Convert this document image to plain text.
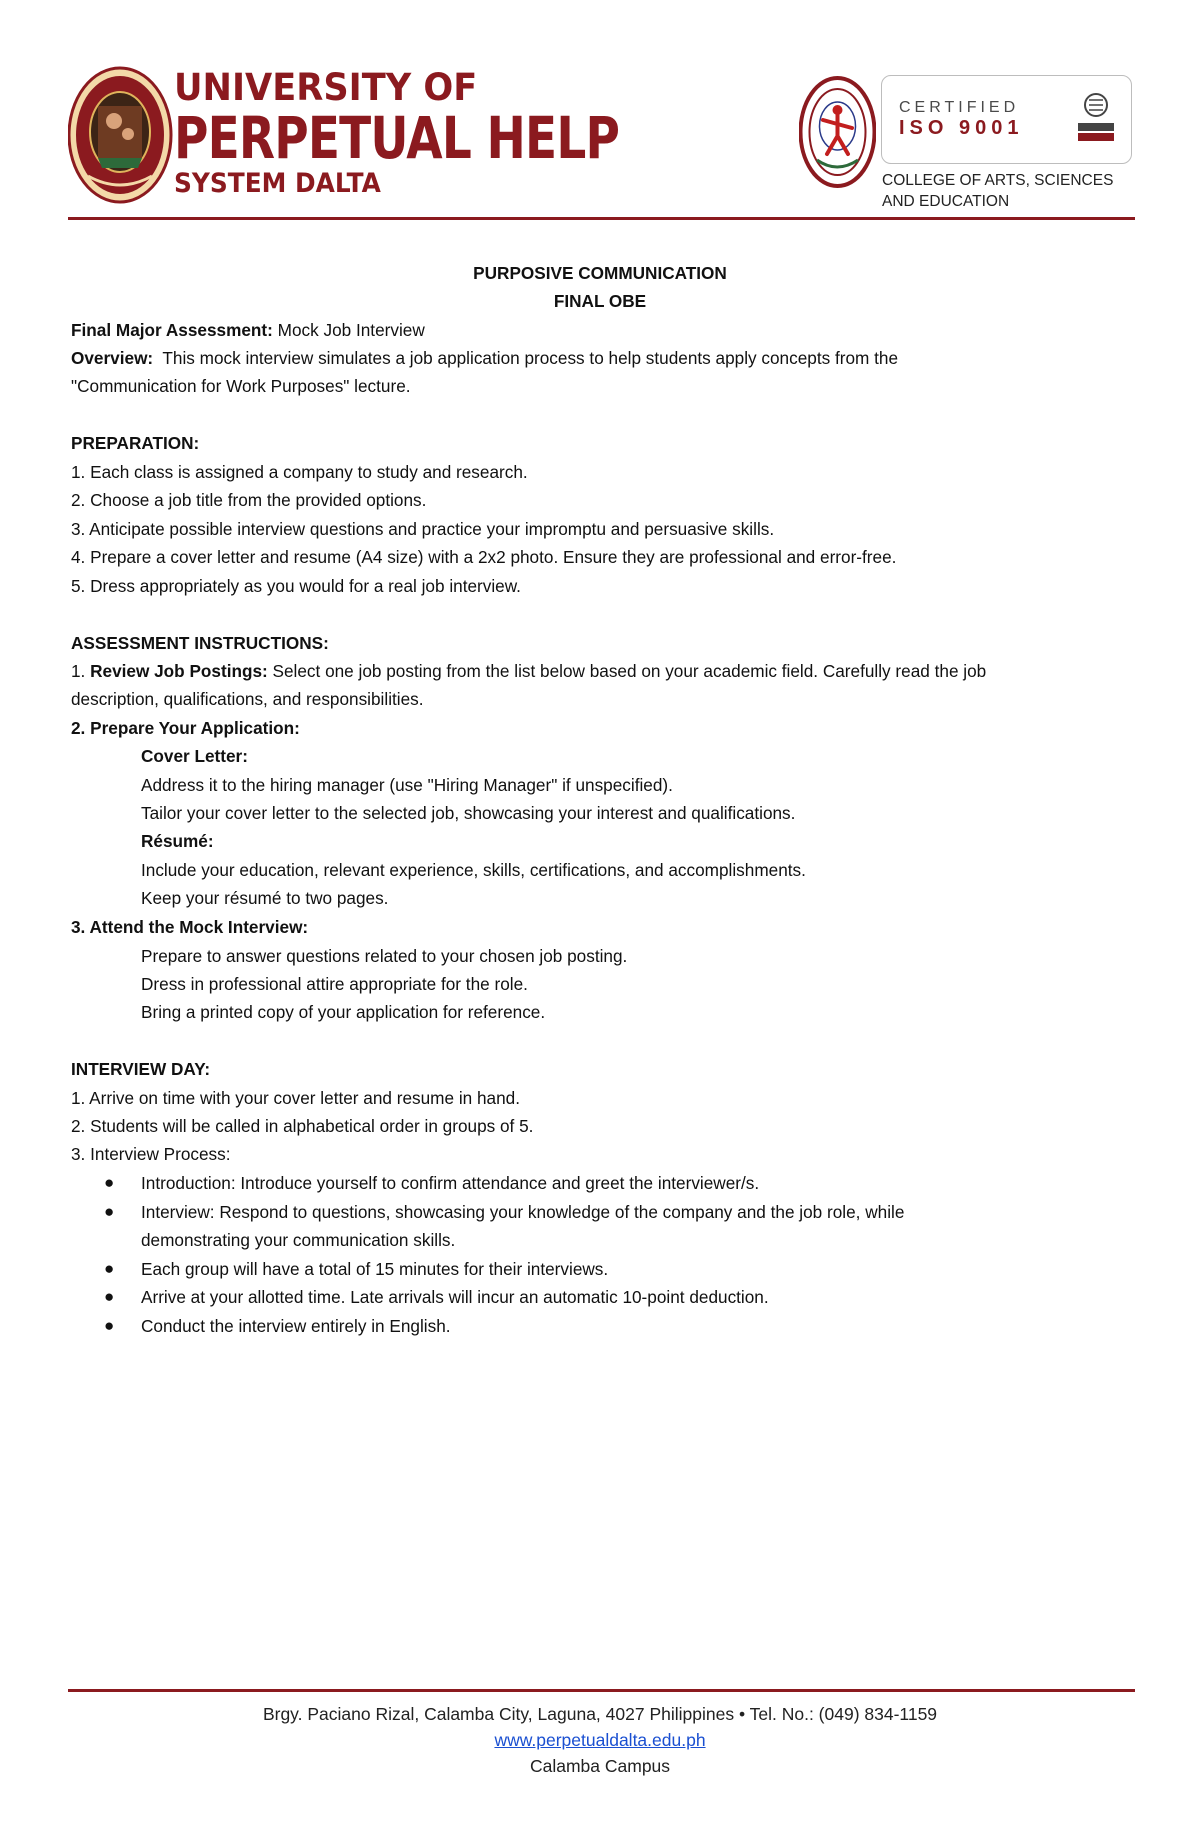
UNIVERSITY OF
PERPETUAL HELP
SYSTEM DALTA
CERTIFIED
ISO 9001
COLLEGE OF ARTS, SCIENCES AND EDUCATION
PURPOSIVE COMMUNICATION
FINAL OBE
Final Major Assessment: Mock Job Interview
Overview:  This mock interview simulates a job application process to help students apply concepts from the
"Communication for Work Purposes" lecture.
PREPARATION:
1. Each class is assigned a company to study and research.
2. Choose a job title from the provided options.
3. Anticipate possible interview questions and practice your impromptu and persuasive skills.
4. Prepare a cover letter and resume (A4 size) with a 2x2 photo. Ensure they are professional and error-free.
5. Dress appropriately as you would for a real job interview.
ASSESSMENT INSTRUCTIONS:
1. Review Job Postings: Select one job posting from the list below based on your academic field. Carefully read the job
description, qualifications, and responsibilities.
2. Prepare Your Application:
Cover Letter:
Address it to the hiring manager (use "Hiring Manager" if unspecified).
Tailor your cover letter to the selected job, showcasing your interest and qualifications.
Résumé:
Include your education, relevant experience, skills, certifications, and accomplishments.
Keep your résumé to two pages.
3. Attend the Mock Interview:
Prepare to answer questions related to your chosen job posting.
Dress in professional attire appropriate for the role.
Bring a printed copy of your application for reference.
INTERVIEW DAY:
1. Arrive on time with your cover letter and resume in hand.
2. Students will be called in alphabetical order in groups of 5.
3. Interview Process:
● Introduction: Introduce yourself to confirm attendance and greet the interviewer/s.
● Interview: Respond to questions, showcasing your knowledge of the company and the job role, while
demonstrating your communication skills.
● Each group will have a total of 15 minutes for their interviews.
● Arrive at your allotted time. Late arrivals will incur an automatic 10-point deduction.
● Conduct the interview entirely in English.
Brgy. Paciano Rizal, Calamba City, Laguna, 4027 Philippines • Tel. No.: (049) 834-1159
www.perpetualdalta.edu.ph
Calamba Campus
